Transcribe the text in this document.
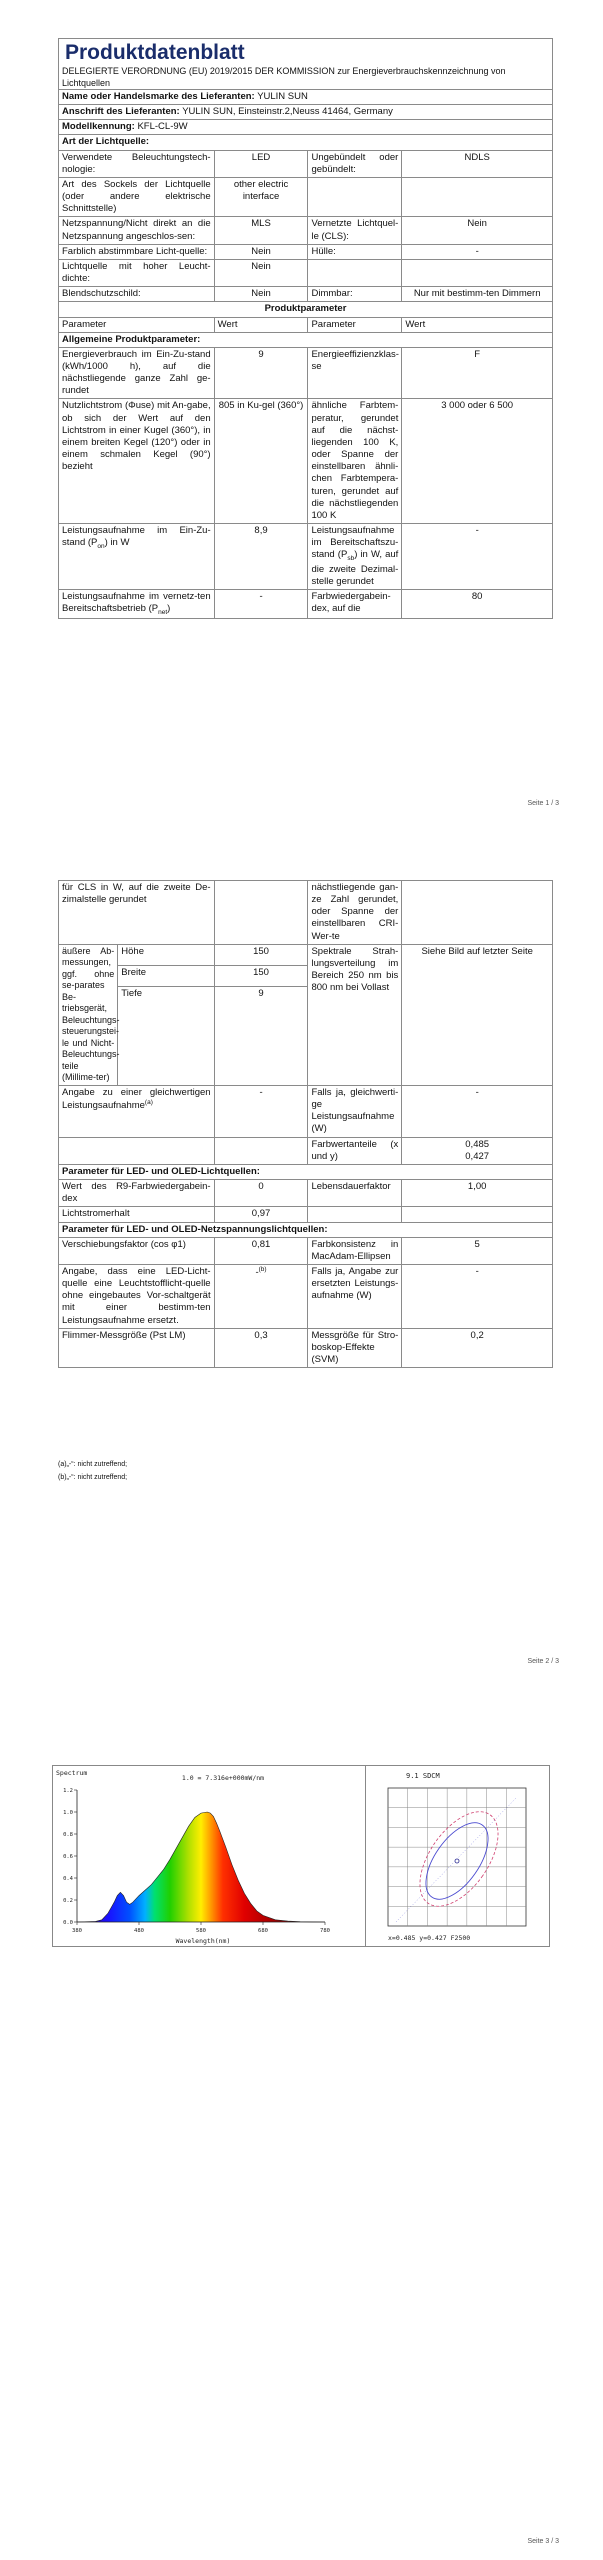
Produktdatenblatt
DELEGIERTE VERORDNUNG (EU) 2019/2015 DER KOMMISSION zur Energieverbrauchskennzeichnung von Lichtquellen			

Name oder Handelsmarke des Lieferanten: YULIN SUN			
Anschrift des Lieferanten: YULIN SUN, Einsteinstr.2,Neuss 41464, Germany			
Modellkennung: KFL-CL-9W			
Art der Lichtquelle:			
Verwendete Beleuchtungstech-nologie:	LED	Ungebündelt oder gebündelt:	NDLS
Art des Sockels der Lichtquelle (oder andere elektrische Schnittstelle)	other electric interface		
Netzspannung/Nicht direkt an die Netzspannung angeschlos-sen:	MLS	Vernetzte Lichtquel-le (CLS):	Nein
Farblich abstimmbare Licht-quelle:	Nein	Hülle:	-
Lichtquelle mit hoher Leucht-dichte:	Nein		
Blendschutzschild:	Nein	Dimmbar:	Nur mit bestimm-ten Dimmern
Produktparameter			
Parameter	Wert	Parameter	Wert
Allgemeine Produktparameter:			
Energieverbrauch im Ein-Zu-stand (kWh/1000 h), auf die nächstliegende ganze Zahl ge-rundet	9	Energieeffizienzklas-se	F
Nutzlichtstrom (Φuse) mit An-gabe, ob sich der Wert auf den Lichtstrom in einer Kugel (360°), in einem breiten Kegel (120°) oder in einem schmalen Kegel (90°) bezieht	805 in Ku-gel (360°)	ähnliche Farbtem-peratur, gerundet auf die nächst-liegenden 100 K, oder Spanne der einstellbaren ähnli-chen Farbtempera-turen, gerundet auf die nächstliegenden 100 K	3 000 oder 6 500
Leistungsaufnahme im Ein-Zu-stand $(P_{on})$ in W	8,9	Leistungsaufnahme im Bereitschaftszu-stand $(P_{sb})$ in W, auf die zweite Dezimal-stelle gerundet	-
Leistungsaufnahme im vernetz-ten Bereitschaftsbetrieb $(P_{net})$	-	Farbwiedergabein-dex, auf die	80
Seite 1 / 3
für CLS in W, auf die zweite De-zimalstelle gerundet			nächstliegende gan-ze Zahl gerundet, oder Spanne der einstellbaren CRI-Wer-te	
äußere Ab-messungen, ggf. ohne se-parates Be-triebsgerät, Beleuchtungs-steuerungstei-le und Nicht-Beleuchtungs-teile (Millime-ter)	Höhe	150	Spektrale Strah-lungsverteilung im Bereich 250 nm bis 800 nm bei Vollast	Siehe Bild auf letzter Seite
	Breite	150		
	Tiefe	9		
Angabe zu einer gleichwertigen Leistungsaufnahme$^{(a)}$		-	Falls ja, gleichwerti-ge Leistungsaufnahme (W)	-
			Farbwertanteile (x und y)	0,485
0,427

Parameter für LED- und OLED-Lichtquellen:				
Wert des R9-Farbwiedergabein-dex		0	Lebensdauerfaktor	1,00
Lichtstromerhalt		0,97		
Parameter für LED- und OLED-Netzspannungslichtquellen:				
Verschiebungsfaktor (cos φ1)		0,81	Farbkonsistenz in MacAdam-Ellipsen	5
Angabe, dass eine LED-Licht-quelle eine Leuchtstofflicht-quelle ohne eingebautes Vor-schaltgerät mit einer bestimm-ten Leistungsaufnahme ersetzt.		-$^{(b)}$	Falls ja, Angabe zur ersetzten Leistungs-aufnahme (W)	-
Flimmer-Messgröße (Pst LM)		0,3	Messgröße für Stro-boskop-Effekte (SVM)	0,2
(a)„-“: nicht zutreffend;
(b)„-“: nicht zutreffend;
Seite 2 / 3
Spectrum
1.0 = 7.316e+000mW/nm
Wavelength(nm)
0.0
0.2
0.4
0.6
0.8
1.0
1.2
380	480	580	680	780
9.1 SDCM
x=0.485 y=0.427 F2500
Seite 3 / 3
